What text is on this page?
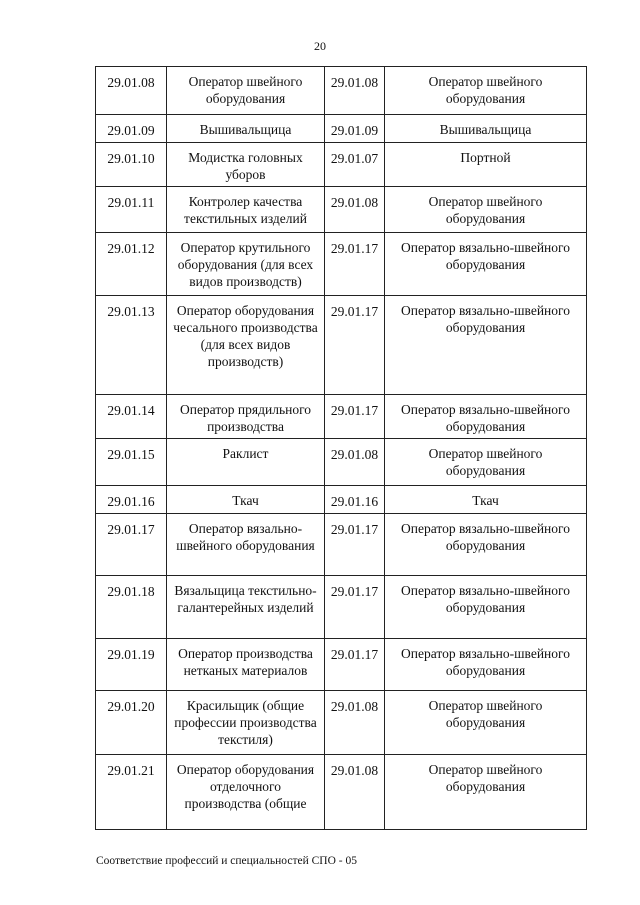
20
29.01.08	Оператор швейного оборудования	29.01.08	Оператор швейного оборудования
29.01.09	Вышивальщица	29.01.09	Вышивальщица
29.01.10	Модистка головных уборов	29.01.07	Портной
29.01.11	Контролер качества текстильных изделий	29.01.08	Оператор швейного оборудования
29.01.12	Оператор крутильного оборудования (для всех видов производств)	29.01.17	Оператор вязально-швейного оборудования
29.01.13	Оператор оборудования чесального производства (для всех видов производств)	29.01.17	Оператор вязально-швейного оборудования
29.01.14	Оператор прядильного производства	29.01.17	Оператор вязально-швейного оборудования
29.01.15	Раклист	29.01.08	Оператор швейного оборудования
29.01.16	Ткач	29.01.16	Ткач
29.01.17	Оператор вязально-швейного оборудования	29.01.17	Оператор вязально-швейного оборудования
29.01.18	Вязальщица текстильно-галантерейных изделий	29.01.17	Оператор вязально-швейного оборудования
29.01.19	Оператор производства нетканых материалов	29.01.17	Оператор вязально-швейного оборудования
29.01.20	Красильщик (общие профессии производства текстиля)	29.01.08	Оператор швейного оборудования
29.01.21	Оператор оборудования отделочного производства (общие	29.01.08	Оператор швейного оборудования
Соответствие профессий и специальностей СПО - 05
